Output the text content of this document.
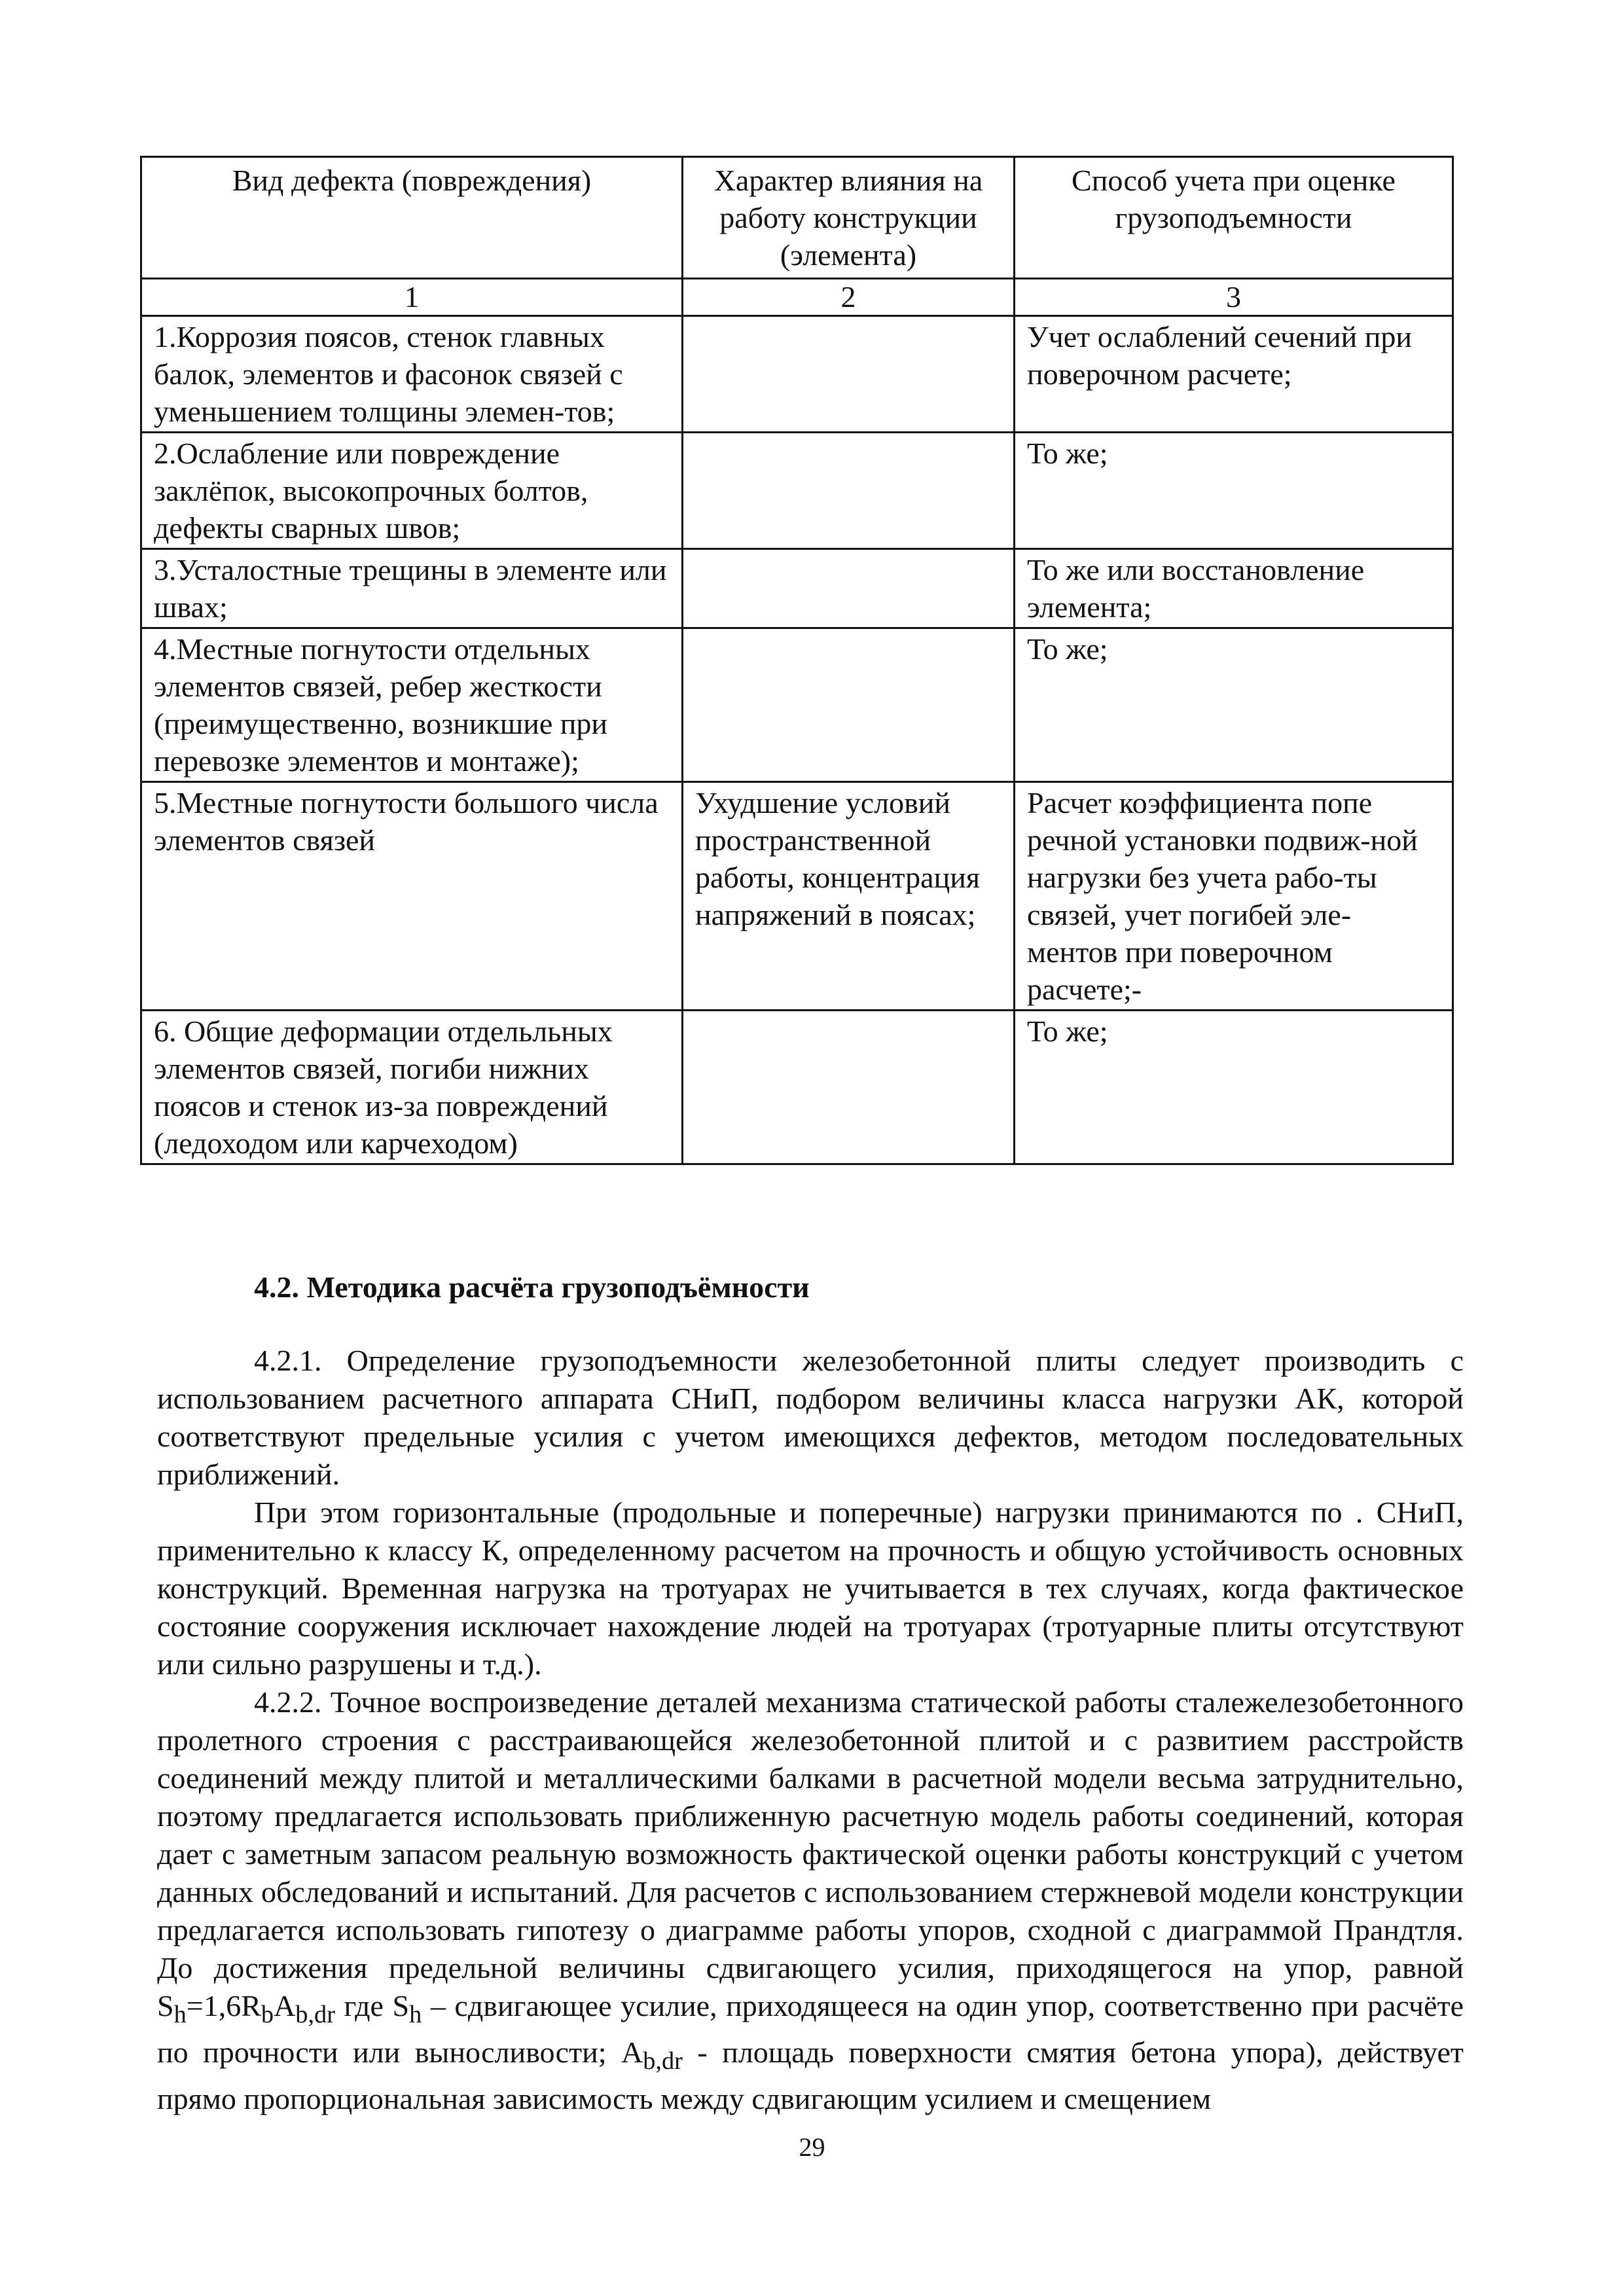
Вид дефекта (повреждения)	Характер влияния на работу конструкции (элемента)	Способ учета при оценке грузоподъемности
1	2	3
1.Коррозия поясов, стенок главных балок, элементов и фасонок связей с уменьшением толщины элемен-тов;		Учет ослаблений сечений при поверочном расчете;
2.Ослабление или повреждение заклёпок, высокопрочных болтов, дефекты сварных швов;		То же;
3.Усталостные трещины в элементе или швах;		То же или восстановление элемента;
4.Местные погнутости отдельных элементов связей, ребер жесткости (преимущественно, возникшие при перевозке элементов и монтаже);		То же;
5.Местные погнутости большого числа элементов связей	Ухудшение условий пространственной работы, концентрация напряжений в поясах;	Расчет коэффициента попе речной установки подвиж-ной нагрузки без учета рабо-ты связей, учет погибей эле-ментов при поверочном расчете;-
6. Общие деформации отдельльных элементов связей, погиби нижних поясов и стенок из-за повреждений (ледоходом или карчеходом)		То же;
4.2. Методика расчёта грузоподъёмности

4.2.1. Определение грузоподъемности железобетонной плиты следует производить с использованием расчетного аппарата СНиП, подбором величины класса нагрузки АК, которой соответствуют предельные усилия с учетом имеющихся дефектов, методом последовательных приближений.

При этом горизонтальные (продольные и поперечные) нагрузки принимаются по . СНиП, применительно к классу К, определенному расчетом на прочность и общую устойчивость основных конструкций. Временная нагрузка на тротуарах не учитывается в тех случаях, когда фактическое состояние сооружения исключает нахождение людей на тротуарах (тротуарные плиты отсутствуют или сильно разрушены и т.д.).

4.2.2. Точное воспроизведение деталей механизма статической работы сталежелезобетонного пролетного строения с расстраивающейся железобетонной плитой и с развитием расстройств соединений между плитой и металлическими балками в расчетной модели весьма затруднительно, поэтому предлагается использовать приближенную расчетную модель работы соединений, которая дает с заметным запасом реальную возможность фактической оценки работы конструкций с учетом данных обследований и испытаний. Для расчетов с использованием стержневой модели конструкции предлагается использовать гипотезу о диаграмме работы упоров, сходной с диаграммой Прандтля. До достижения предельной величины сдвигающего усилия, приходящегося на упор, равной $S_h=1,6R_bA_{b,dr}$ где $S_h$ – сдвигающее усилие, приходящееся на один упор, соответственно при расчёте по прочности или выносливости; $A_{b,dr}$ - площадь поверхности смятия бетона упора), действует прямо пропорциональная зависимость между сдвигающим усилием и смещением

29
